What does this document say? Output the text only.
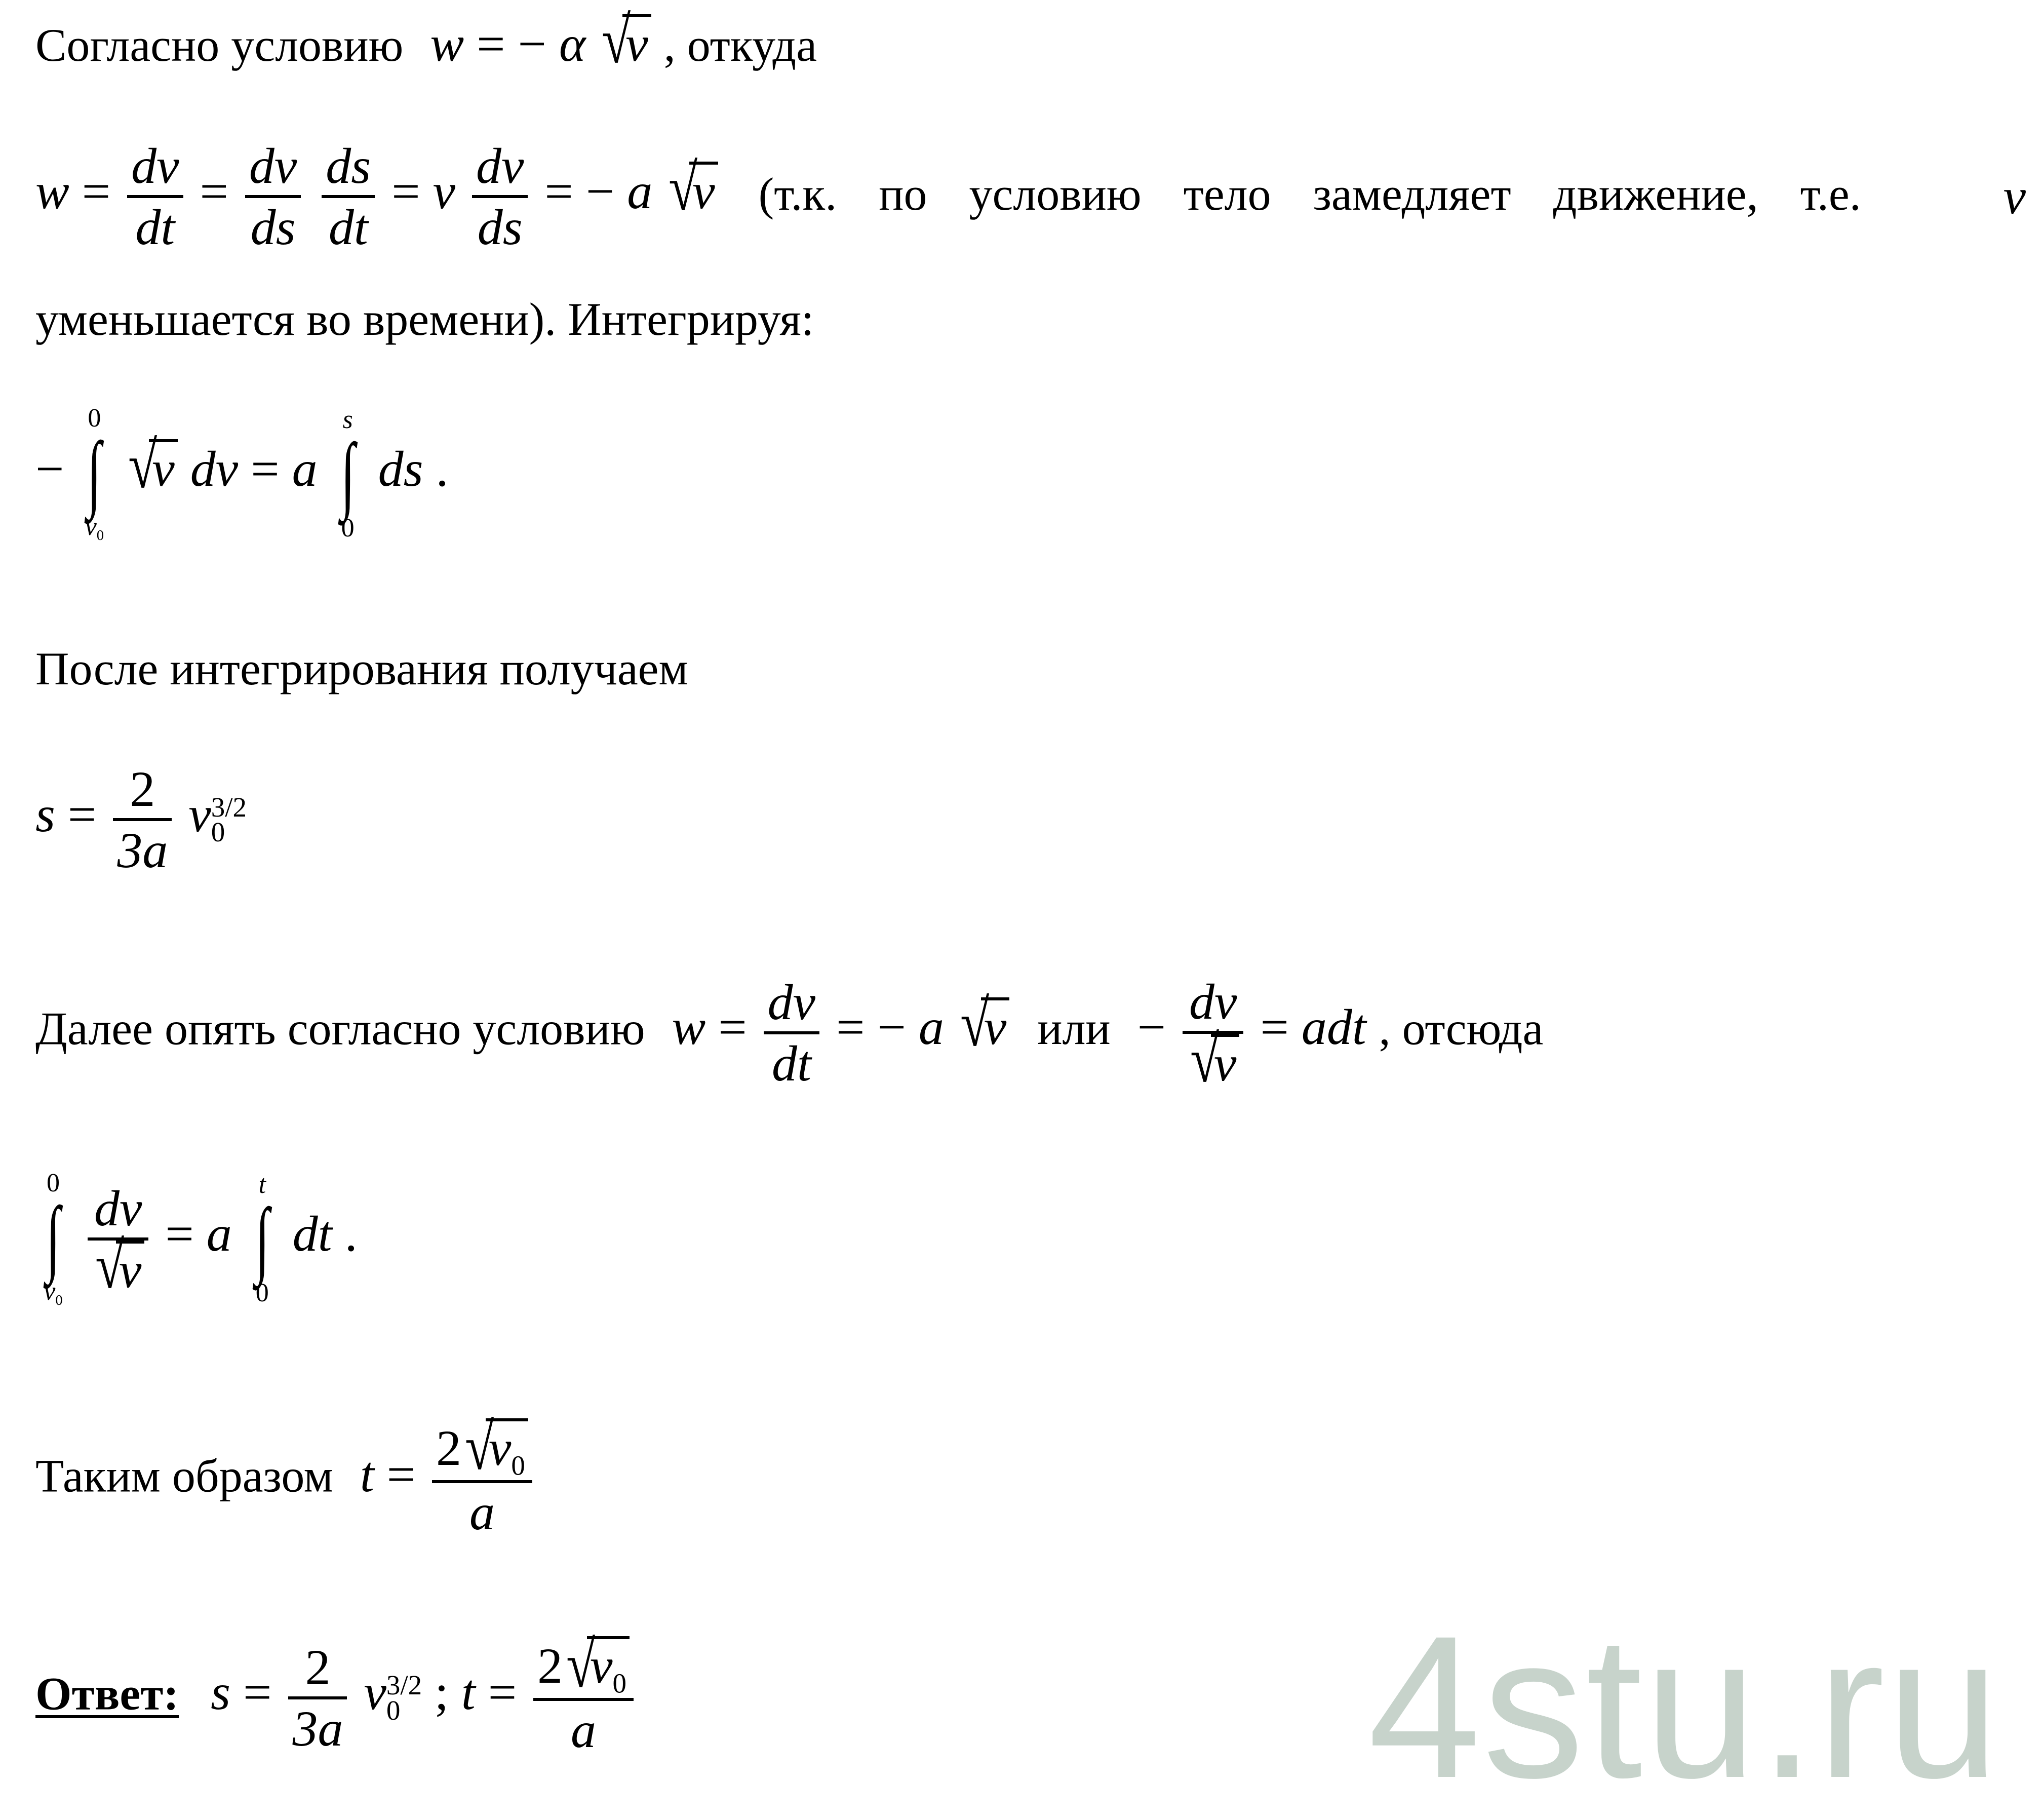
Согласно условию w = − α √
v , откуда
$w = \frac{dv}{dt} = \frac{dv}{ds}$
$\frac{ds}{dt} = v \frac{dv}{ds}$ = − a √
v (т.к. по условию тело замедляет движение, т.е.	v
уменьшается во времени). Интегрируя:
−
0
∫
$v_0$

√
v dv = a
s
∫
0
ds .
После интегрирования получаем
$s = \frac{2}{3a}$ v 3/2
0
Далее опять согласно условию $w = \frac{dv}{dt}$ = − a √
v или − dv
√
v = adt , отсюда
0
∫
$v_0$

dv
√
v = a
t
∫
0
dt .
Таким образом t = 2 √
$v_0$
a
Ответ: $s = \frac{2}{3a}$ v 3/2
0 ; t = 2 √
$v_0$
a	4stu.ru
